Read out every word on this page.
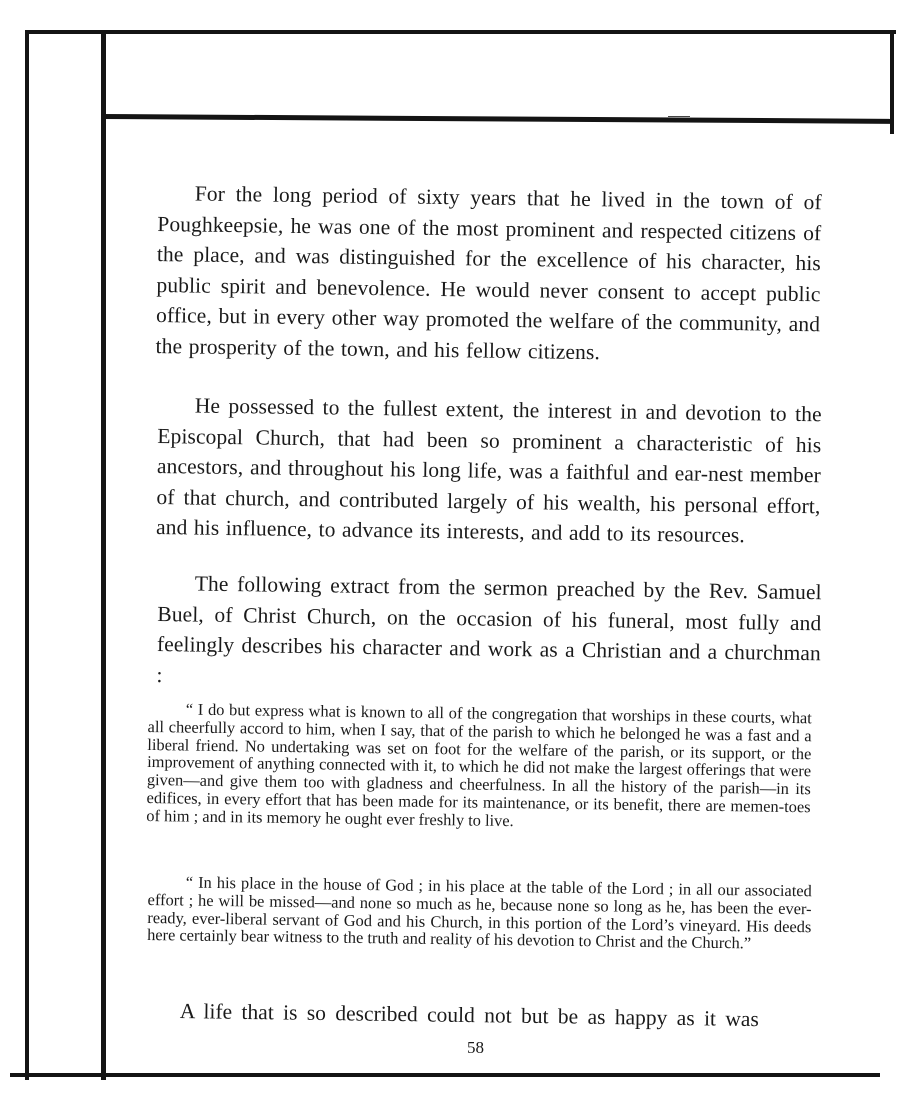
For the long period of sixty years that he lived in the town of of Poughkeepsie, he was one of the most prominent and respected citizens of the place, and was distinguished for the excellence of his character, his public spirit and benevolence. He would never consent to accept public office, but in every other way promoted the welfare of the community, and the prosperity of the town, and his fellow citizens.

He possessed to the fullest extent, the interest in and devotion to the Episcopal Church, that had been so prominent a characteristic of his ancestors, and throughout his long life, was a faithful and ear-nest member of that church, and contributed largely of his wealth, his personal effort, and his influence, to advance its interests, and add to its resources.

The following extract from the sermon preached by the Rev. Samuel Buel, of Christ Church, on the occasion of his funeral, most fully and feelingly describes his character and work as a Christian and a churchman :

“ I do but express what is known to all of the congregation that worships in these courts, what all cheerfully accord to him, when I say, that of the parish to which he belonged he was a fast and a liberal friend. No undertaking was set on foot for the welfare of the parish, or its support, or the improvement of anything connected with it, to which he did not make the largest offerings that were given—and give them too with gladness and cheerfulness. In all the history of the parish—in its edifices, in every effort that has been made for its maintenance, or its benefit, there are memen-toes of him ; and in its memory he ought ever freshly to live.

“ In his place in the house of God ; in his place at the table of the Lord ; in all our associated effort ; he will be missed—and none so much as he, because none so long as he, has been the ever-ready, ever-liberal servant of God and his Church, in this portion of the Lord’s vineyard. His deeds here certainly bear witness to the truth and reality of his devotion to Christ and the Church.”

A life that is so described could not but be as happy as it was

58
